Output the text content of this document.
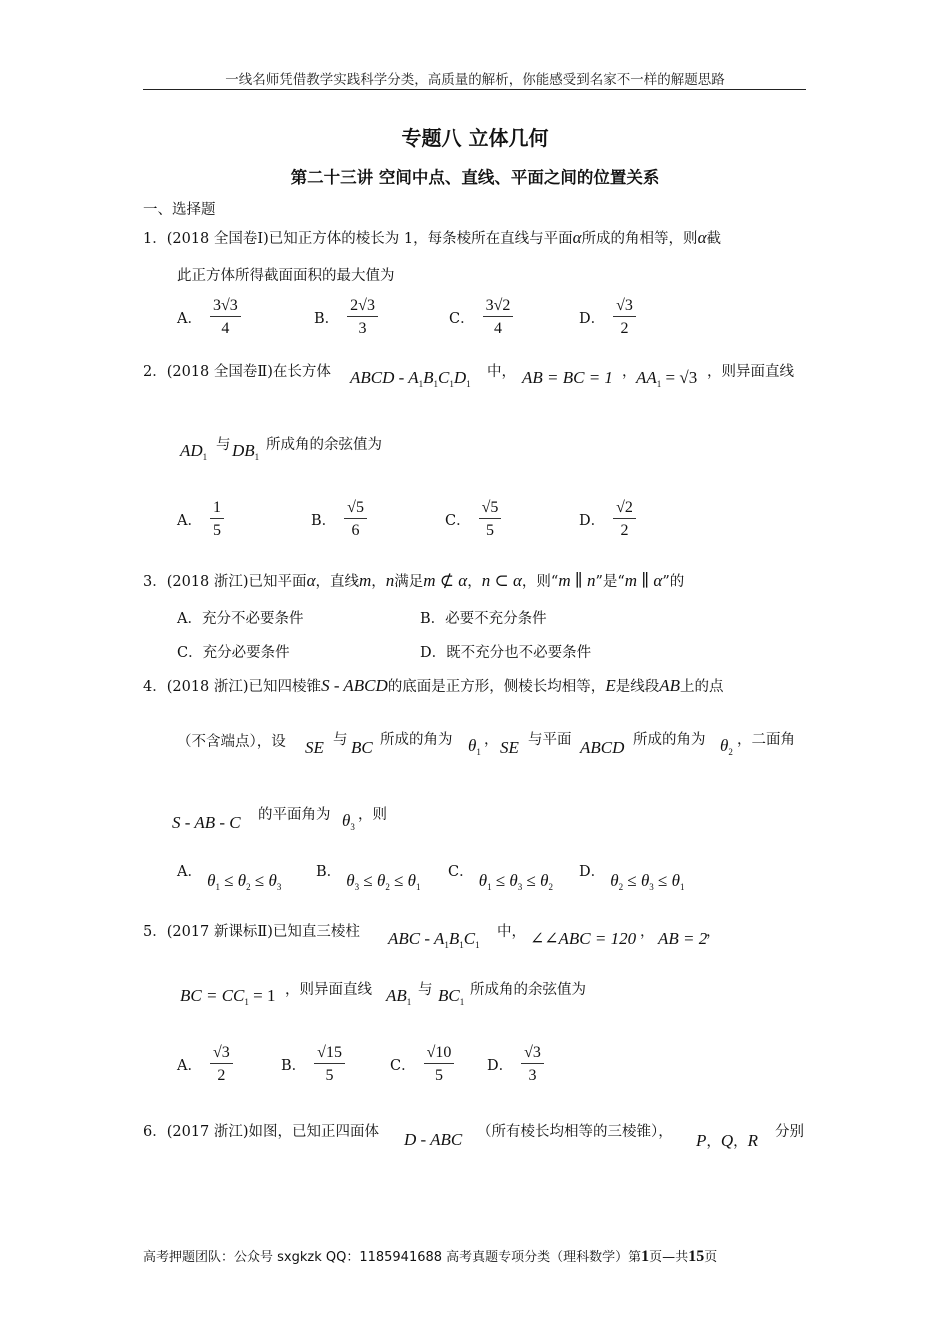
一线名师凭借教学实践科学分类，高质量的解析，你能感受到名家不一样的解题思路
专题八 立体几何
第二十三讲 空间中点、直线、平面之间的位置关系
一、选择题
1．(2018 全国卷Ⅰ)已知正方体的棱长为 1，每条棱所在直线与平面α所成的角相等，则α截
此正方体所得截面面积的最大值为
A． $\frac{3√3}{4}$	B． $\frac{2√3}{3}$	C． $\frac{3√2}{4}$	D． $\frac{√3}{2}$
2．(2018 全国卷Ⅱ)在长方体 ABCD - $A_1B_1C_1D_1$
中， AB = BC = 1 ， $AA_1 = √3$ ，则异面直线
$AD_1$
与 $DB_1$
所成角的余弦值为
A． $\frac{1}{5}$	B． $\frac{√5}{6}$	C． $\frac{√5}{5}$	D． $\frac{√2}{2}$
3．(2018 浙江)已知平面α，直线m，n满足m ⊄ α，n ⊂ α，则“m ∥ n”是“m ∥ α”的
A．充分不必要条件	B．必要不充分条件
C．充分必要条件	D．既不充分也不必要条件
4．(2018 浙江)已知四棱锥S - ABCD的底面是正方形，侧棱长均相等，E是线段AB上的点
（不含端点），设 SE 与 BC 所成的角为 $\theta_1$
， SE 与平面 ABCD 所成的角为 $\theta_2$
，二面角
S - AB - C 的平面角为 $\theta_3$
，则
A． $\theta_1 \le \theta_2 \le \theta_3$
B． $\theta_3 \le \theta_2 \le \theta_1$
C． $\theta_1 \le \theta_3 \le \theta_2$
D． $\theta_2 \le \theta_3 \le \theta_1$
5．(2017 新课标Ⅱ)已知直三棱柱 ABC - $A_1B_1C_1$
中， ∠∠ABC = 120 ， AB = 2
，
BC = $CC_1 = 1$ ，则异面直线 $AB_1$
与 $BC_1$
所成角的余弦值为
A． $\frac{√3}{2}$	B． $\frac{√15}{5}$	C． $\frac{√10}{5}$ D． $\frac{√3}{3}$
6．(2017 浙江)如图，已知正四面体 D - ABC （所有棱长均相等的三棱锥）， P，Q，R 分别
高考押题团队：公众号 sxgkzk QQ：1185941688 高考真题专项分类（理科数学）第1页—共15页
